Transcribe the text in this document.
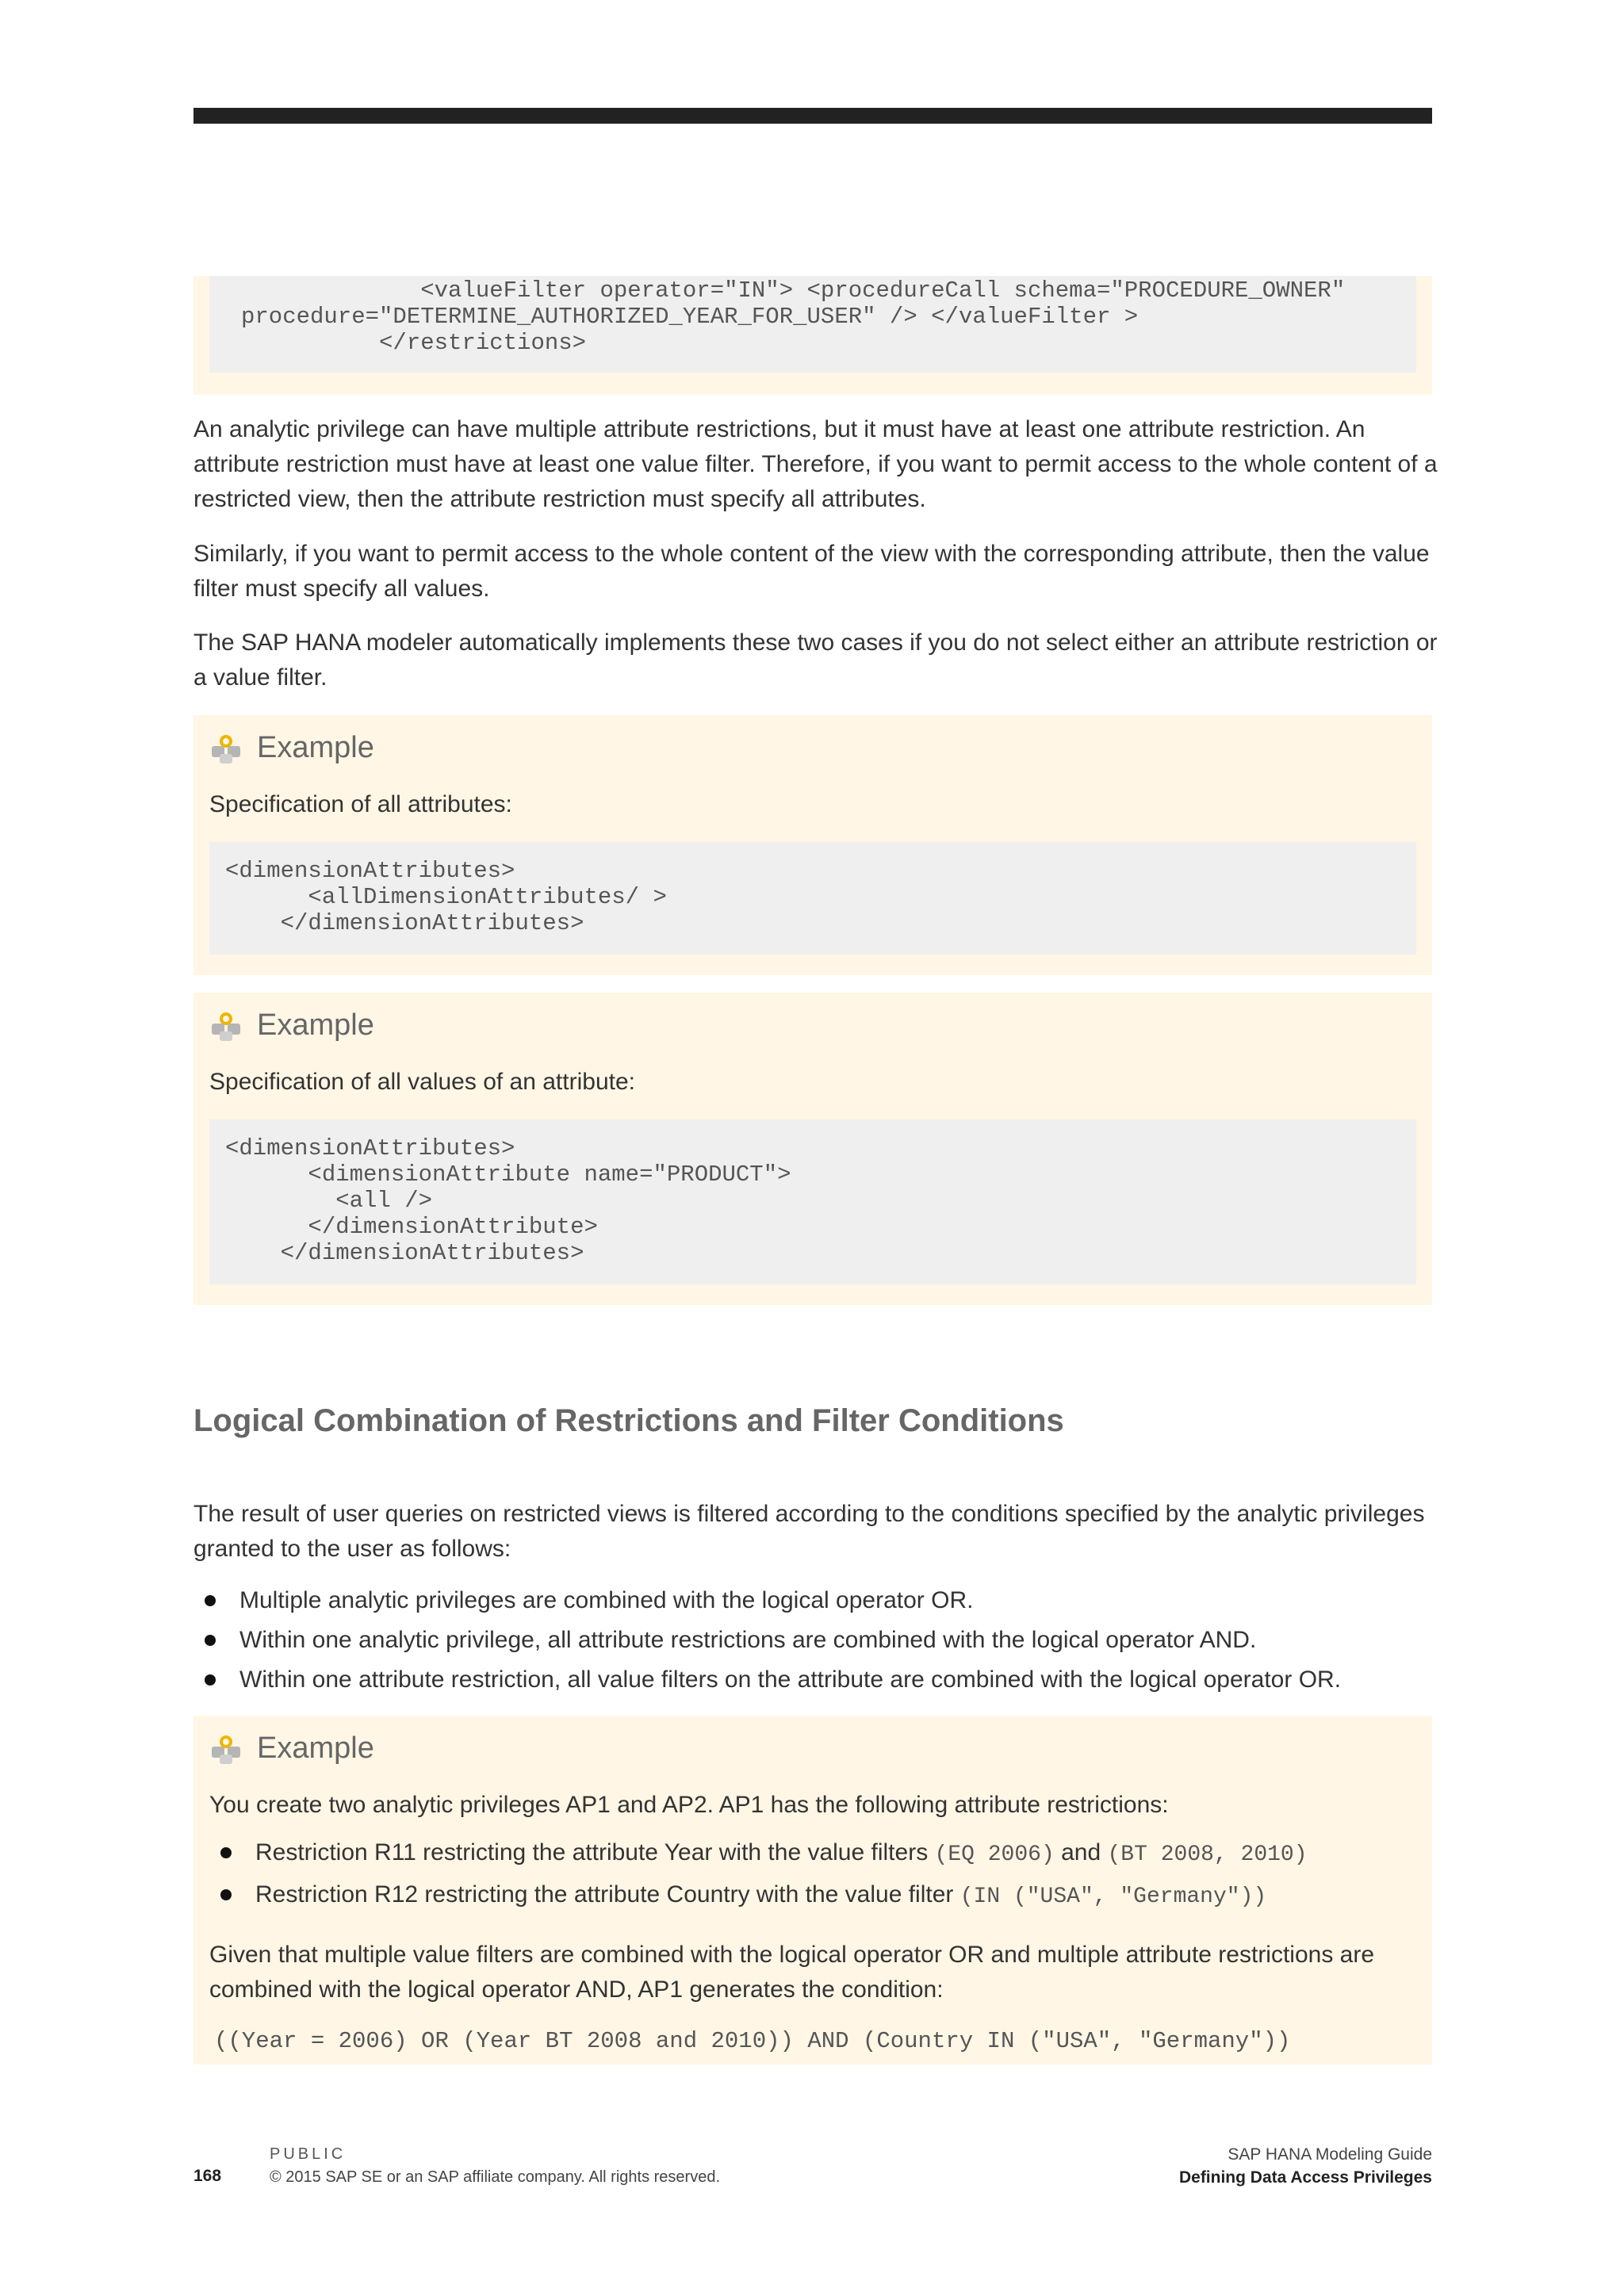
<valueFilter operator="IN"> <procedureCall schema="PROCEDURE_OWNER"
procedure="DETERMINE_AUTHORIZED_YEAR_FOR_USER" /> </valueFilter >
</restrictions>

An analytic privilege can have multiple attribute restrictions, but it must have at least one attribute restriction. An attribute restriction must have at least one value filter. Therefore, if you want to permit access to the whole content of a restricted view, then the attribute restriction must specify all attributes.

Similarly, if you want to permit access to the whole content of the view with the corresponding attribute, then the value filter must specify all values.

The SAP HANA modeler automatically implements these two cases if you do not select either an attribute restriction or a value filter.

Example

Specification of all attributes:

<dimensionAttributes>
<allDimensionAttributes/ >
</dimensionAttributes>
Example

Specification of all values of an attribute:

<dimensionAttributes>
<dimensionAttribute name="PRODUCT">
<all />
</dimensionAttribute>
</dimensionAttributes>
Logical Combination of Restrictions and Filter Conditions

The result of user queries on restricted views is filtered according to the conditions specified by the analytic privileges granted to the user as follows:

Multiple analytic privileges are combined with the logical operator OR.
Within one analytic privilege, all attribute restrictions are combined with the logical operator AND.
Within one attribute restriction, all value filters on the attribute are combined with the logical operator OR.
Example

You create two analytic privileges AP1 and AP2. AP1 has the following attribute restrictions:

Restriction R11 restricting the attribute Year with the value filters (EQ 2006) and (BT 2008, 2010)
Restriction R12 restricting the attribute Country with the value filter (IN ("USA", "Germany"))

Given that multiple value filters are combined with the logical operator OR and multiple attribute restrictions are combined with the logical operator AND, AP1 generates the condition:

((Year = 2006) OR (Year BT 2008 and 2010)) AND (Country IN ("USA", "Germany"))
PUBLIC
© 2015 SAP SE or an SAP affiliate company. All rights reserved.
168
SAP HANA Modeling Guide
Defining Data Access Privileges
